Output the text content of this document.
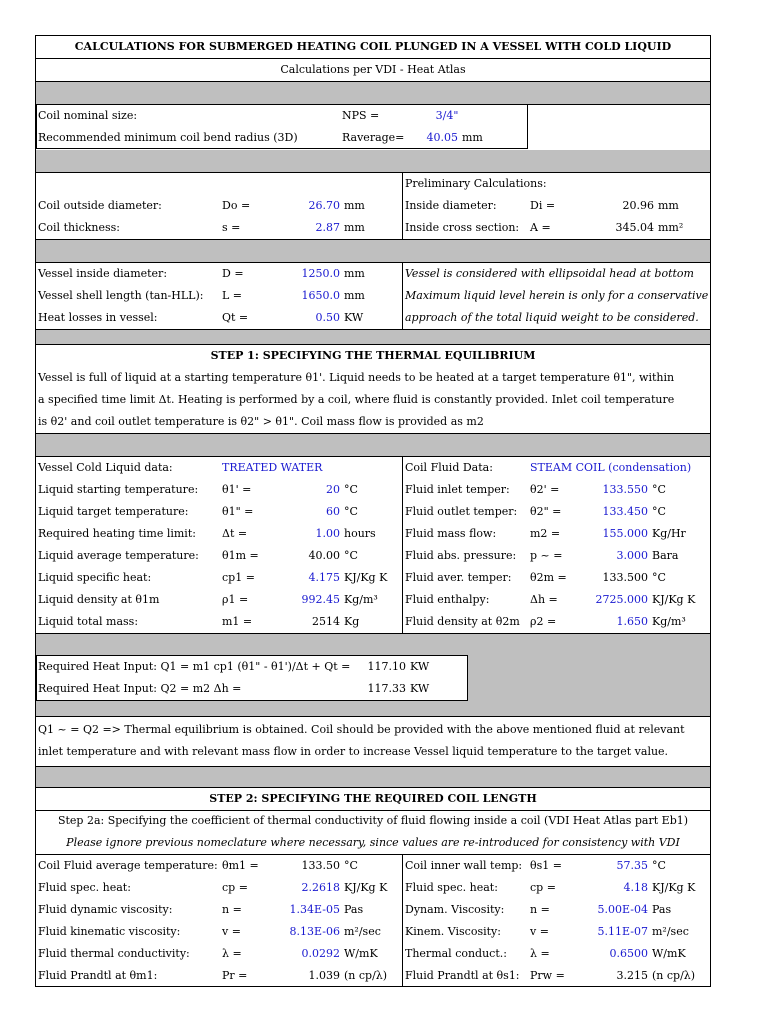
CALCULATIONS FOR SUBMERGED HEATING COIL PLUNGED IN A VESSEL WITH COLD LIQUID
Calculations per VDI - Heat Atlas
Coil nominal size:	NPS =	3/4"
Recommended minimum coil bend radius (3D)	Raverage=	40.05 mm
Coil outside diameter:	Do =	26.70 mm
Coil thickness:	s =	2.87 mm
Preliminary Calculations:
Inside diameter:	Di =	20.96 mm
Inside cross section: A =	345.04 mm²
Vessel inside diameter:	D =	1250.0 mm
Vessel shell length (tan-HLL): L =	1650.0 mm
Heat losses in vessel:	Qt =	0.50 KW
Vessel is considered with ellipsoidal head at bottom
Maximum liquid level herein is only for a conservative
approach of the total liquid weight to be considered.
STEP 1: SPECIFYING THE THERMAL EQUILIBRIUM
Vessel is full of liquid at a starting temperature θ1'. Liquid needs to be heated at a target temperature θ1", within
a specified time limit Δt. Heating is performed by a coil, where fluid is constantly provided. Inlet coil temperature
is θ2' and coil outlet temperature is θ2" > θ1". Coil mass flow is provided as m2
Vessel Cold Liquid data:	TREATED WATER	Coil Fluid Data:	STEAM COIL (condensation)
Liquid starting temperature: θ1' =	20 °C	Fluid inlet temper: θ2' =	133.550 °C
Liquid target temperature:	θ1" =	60 °C	Fluid outlet temper: θ2" =	133.450 °C
Required heating time limit: Δt =	1.00 hours	Fluid mass flow:	m2 =	155.000 Kg/Hr
Liquid average temperature: θ1m =	40.00 °C	Fluid abs. pressure: p ~ =	3.000 Bara
Liquid specific heat:	cp1 =	4.175 KJ/Kg K Fluid aver. temper: θ2m =	133.500 °C
Liquid density at θ1m	ρ1 =	992.45 Kg/m³ Fluid enthalpy:	Δh =	2725.000 KJ/Kg K
Liquid total mass:	m1 =	2514 Kg	Fluid density at θ2m ρ2 =	1.650 Kg/m³
Required Heat Input: Q1 = m1 cp1 (θ1" - θ1')/Δt + Qt =	117.10 KW
Required Heat Input: Q2 = m2 Δh =	117.33 KW
Q1 ~ = Q2 => Thermal equilibrium is obtained. Coil should be provided with the above mentioned fluid at relevant
inlet temperature and with relevant mass flow in order to increase Vessel liquid temperature to the target value.
STEP 2: SPECIFYING THE REQUIRED COIL LENGTH
Step 2a: Specifying the coefficient of thermal conductivity of fluid flowing inside a coil (VDI Heat Atlas part Eb1)
Please ignore previous nomeclature where necessary, since values are re-introduced for consistency with VDI
Coil Fluid average temperature: θm1 =	133.50 °C	Coil inner wall temp: θs1 =	57.35 °C
Fluid spec. heat:	cp =	2.2618 KJ/Kg K Fluid spec. heat:	cp =	4.18 KJ/Kg K
Fluid dynamic viscosity:	n =	1.34E-05 Pas	Dynam. Viscosity: n =	5.00E-04 Pas
Fluid kinematic viscosity:	v =	8.13E-06 m²/sec Kinem. Viscosity:	v =	5.11E-07 m²/sec
Fluid thermal conductivity:	λ =	0.0292 W/mK Thermal conduct.: λ =	0.6500 W/mK
Fluid Prandtl at θm1:	Pr =	1.039 (n cp/λ) Fluid Prandtl at θs1: Prw =	3.215 (n cp/λ)
